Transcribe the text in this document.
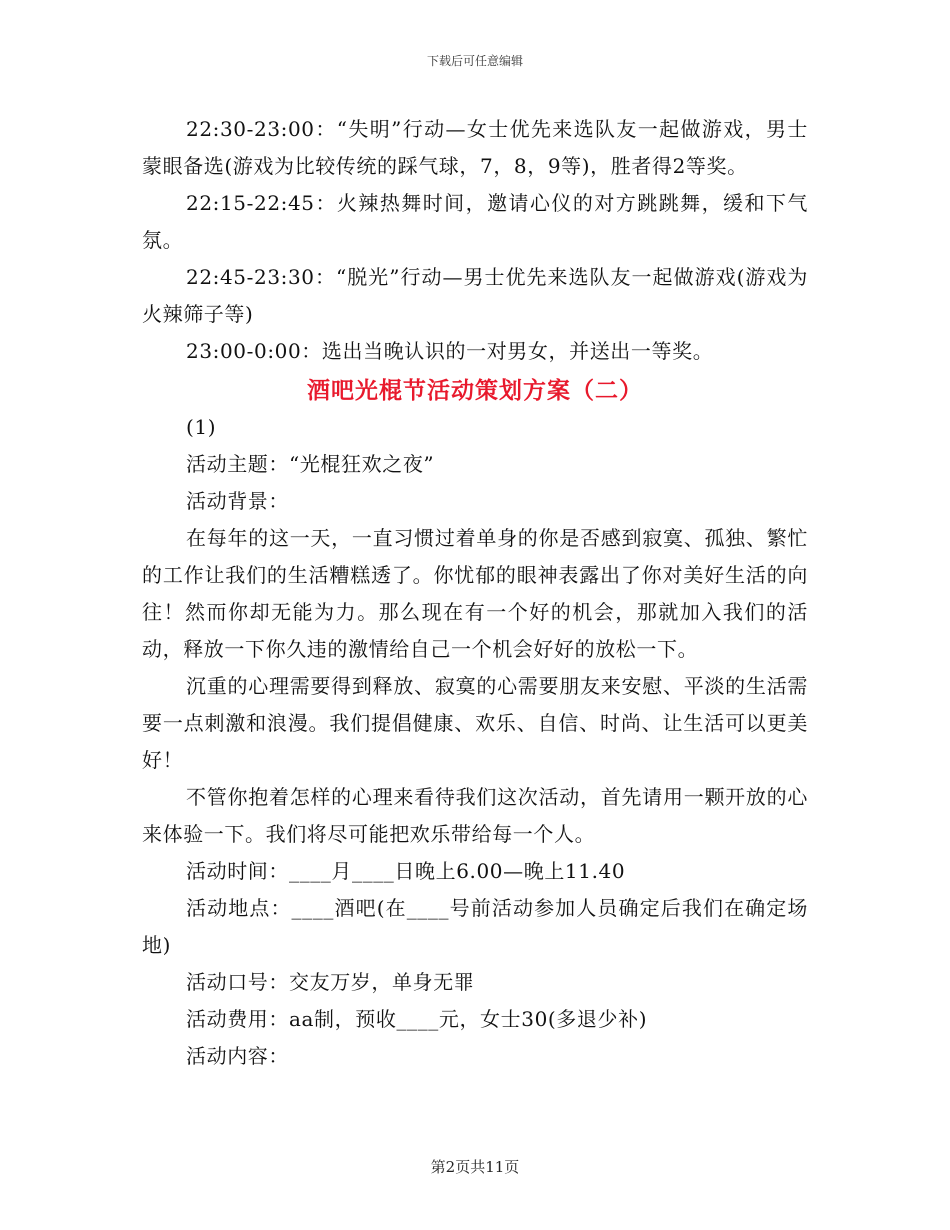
下载后可任意编辑

22:30-23:00：“失明”行动—女士优先来选队友一起做游戏，男士蒙眼备选(游戏为比较传统的踩气球，7，8，9等)，胜者得2等奖。

22:15-22:45：火辣热舞时间，邀请心仪的对方跳跳舞，缓和下气氛。

22:45-23:30：“脱光”行动—男士优先来选队友一起做游戏(游戏为火辣筛子等)

23:00-0:00：选出当晚认识的一对男女，并送出一等奖。

酒吧光棍节活动策划方案（二）

(1)

活动主题：“光棍狂欢之夜”

活动背景：

在每年的这一天，一直习惯过着单身的你是否感到寂寞、孤独、繁忙的工作让我们的生活糟糕透了。你忧郁的眼神表露出了你对美好生活的向往！然而你却无能为力。那么现在有一个好的机会，那就加入我们的活动，释放一下你久违的激情给自己一个机会好好的放松一下。

沉重的心理需要得到释放、寂寞的心需要朋友来安慰、平淡的生活需要一点刺激和浪漫。我们提倡健康、欢乐、自信、时尚、让生活可以更美好！

不管你抱着怎样的心理来看待我们这次活动，首先请用一颗开放的心来体验一下。我们将尽可能把欢乐带给每一个人。

活动时间：____月____日晚上6.00—晚上11.40

活动地点：____酒吧(在____号前活动参加人员确定后我们在确定场地)

活动口号：交友万岁，单身无罪

活动费用：aa制，预收____元，女士30(多退少补)

活动内容：

第2页共11页
